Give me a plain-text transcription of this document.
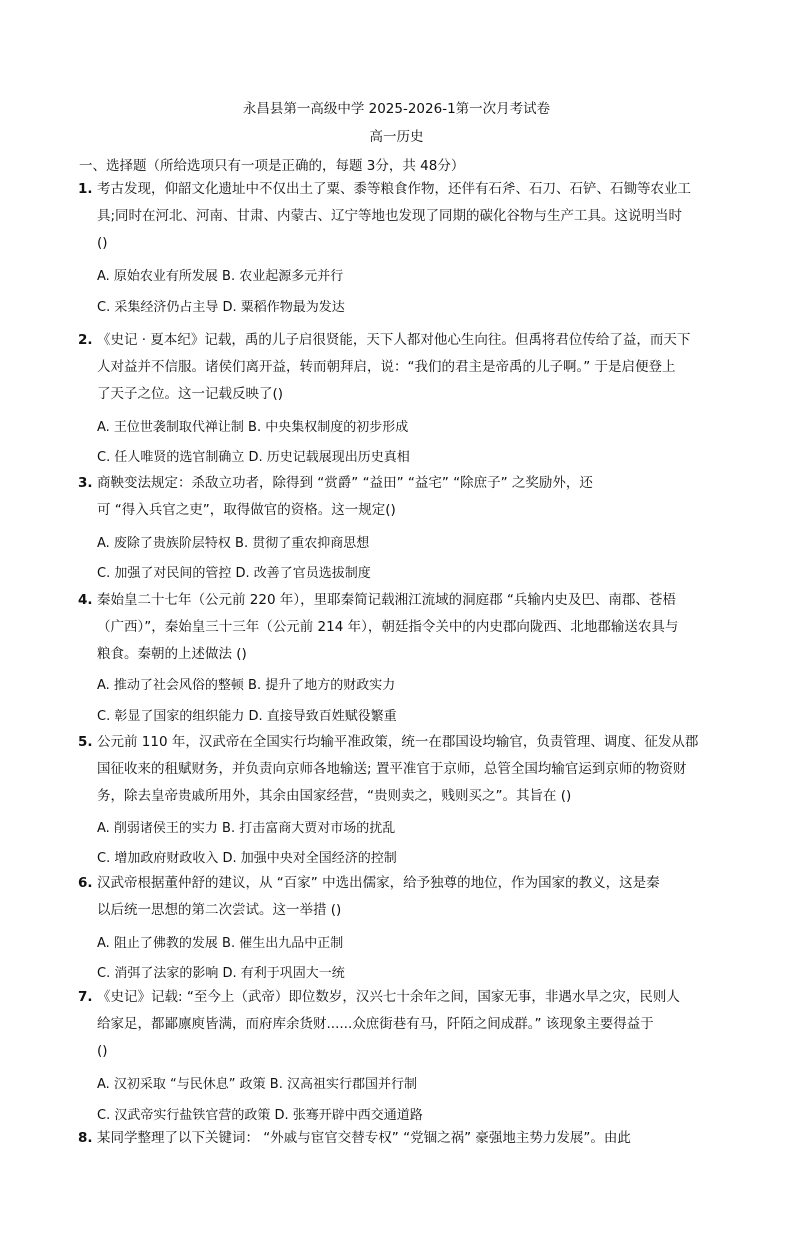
永昌县第一高级中学 2025-2026-1第一次月考试卷
高一历史
一、选择题（所给选项只有一项是正确的，每题 3分，共 48分）
1. 考古发现，仰韶文化遗址中不仅出土了粟、黍等粮食作物，还伴有石斧、石刀、石铲、石锄等农业工
具;同时在河北、河南、甘肃、内蒙古、辽宁等地也发现了同期的碳化谷物与生产工具。这说明当时
()
A. 原始农业有所发展 B. 农业起源多元并行
C. 采集经济仍占主导 D. 粟稻作物最为发达
2. 《史记 · 夏本纪》记载，禹的儿子启很贤能，天下人都对他心生向往。但禹将君位传给了益，而天下
人对益并不信服。诸侯们离开益，转而朝拜启，说：“我们的君主是帝禹的儿子啊。” 于是启便登上
了天子之位。这一记载反映了()
A. 王位世袭制取代禅让制 B. 中央集权制度的初步形成
C. 任人唯贤的选官制确立 D. 历史记载展现出历史真相
3. 商鞅变法规定：杀敌立功者，除得到 “赏爵” “益田” “益宅” “除庶子” 之奖励外，还
可 “得入兵官之吏”，取得做官的资格。这一规定()
A. 废除了贵族阶层特权 B. 贯彻了重农抑商思想
C. 加强了对民间的管控 D. 改善了官员选拔制度
4. 秦始皇二十七年（公元前 220 年），里耶秦简记载湘江流域的洞庭郡 “兵输内史及巴、南郡、苍梧
（广西）”，秦始皇三十三年（公元前 214 年），朝廷指令关中的内史郡向陇西、北地郡输送农具与
粮食。秦朝的上述做法 ()
A. 推动了社会风俗的整顿 B. 提升了地方的财政实力
C. 彰显了国家的组织能力 D. 直接导致百姓赋役繁重
5. 公元前 110 年，汉武帝在全国实行均输平准政策，统一在郡国设均输官，负责管理、调度、征发从郡
国征收来的租赋财务，并负责向京师各地输送; 置平准官于京师，总管全国均输官运到京师的物资财
务，除去皇帝贵戚所用外，其余由国家经营，“贵则卖之，贱则买之”。其旨在 ()
A. 削弱诸侯王的实力 B. 打击富商大贾对市场的扰乱
C. 增加政府财政收入 D. 加强中央对全国经济的控制
6. 汉武帝根据董仲舒的建议，从 “百家” 中选出儒家，给予独尊的地位，作为国家的教义，这是秦
以后统一思想的第二次尝试。这一举措 ()
A. 阻止了佛教的发展 B. 催生出九品中正制
C. 消弭了法家的影响 D. 有利于巩固大一统
7. 《史记》记载: “至今上（武帝）即位数岁，汉兴七十余年之间，国家无事，非遇水旱之灾，民则人
给家足，都鄙廪庾皆满，而府库余货财......众庶街巷有马，阡陌之间成群。” 该现象主要得益于
()
A. 汉初采取 “与民休息” 政策 B. 汉高祖实行郡国并行制
C. 汉武帝实行盐铁官营的政策 D. 张骞开辟中西交通道路
8. 某同学整理了以下关键词： “外戚与宦官交替专权” “党锢之祸” 豪强地主势力发展”。由此
